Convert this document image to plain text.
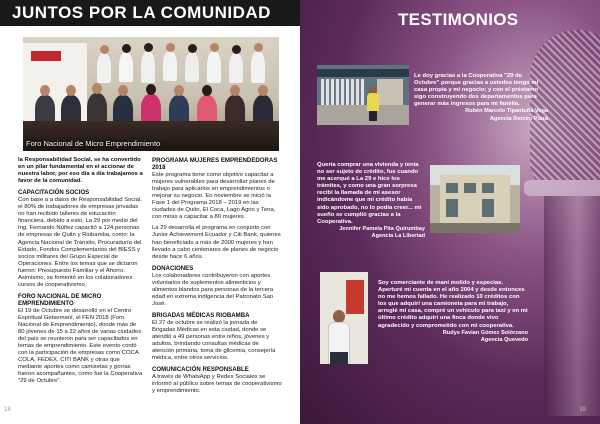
JUNTOS POR LA COMUNIDAD
Foro Nacional de Micro Emprendimiento

la Responsabilidad Social, se ha convertido en un pilar fundamental en el accionar de nuestra labor, por eso día a día trabajamos a favor de la comunidad.

CAPACITACIÓN SOCIOS

Con base a a datos de Responsabilidad Social, el 80% de trabajadores de empresas privadas no han recibido talleres de educación financiera, debido a esto, La 29 por medio del Ing. Fernando Núñez capacitó a 124 personas de empresas de Quito y Riobamba, como: la Agencia Nacional de Tránsito, Procuraduría del Estado, Fondos Complementarios del BIESS y socios militares del Grupo Especial de Operaciones. Entre los temas que se dictaron fueron: Presupuesto Familiar y el Ahorro. Asimismo, se fomentó en los colaboradores cursos de cooperativismo.

FORO NACIONAL DE MICRO EMPRENDIMIENTO

El 19 de Octubre se desarrolló en el Centro Espiritual Getsemaní, el FEN 2018 (Foro Nacional de Emprendimiento), donde más de 80 jóvenes de 15 a 22 años de varias ciudades del país se reunieron para ser capacitados en temas de emprendimiento. Este evento contó con la participación de empresas como COCA COLA, FEDEX, CITI BANK y otras que mediante aportes como camisetas y gorras fueron acompañantes, como fue la Cooperativa "29 de Octubre".

PROGRAMA MUJERES EMPRENDEDORAS 2018

Este programa tiene como objetivo capacitar a mujeres vulnerables para desarrollar planes de trabajo para aplicarlos en emprendimientos o mejorar su negocio. En noviembre se inició la Fase 1 del Programa 2018 – 2019 en las ciudades de Quito, El Coca, Lago Agrio y Tena, con miras a capacitar a 80 mujeres.

La 29 desarrolla el programa en conjunto con Junior Achievement Ecuador y Citi Bank, quienes han beneficiado a más de 2000 mujeres y han llevado a cabo centenares de planes de negocio desde hace 6 años.

DONACIONES

Los colaboradores contribuyeron con aportes voluntarios de suplementos alimenticios y alimentos blandos para personas de la tercera edad en extrema indigencia del Patronato San José.

BRIGADAS MÉDICAS RIOBAMBA

El 27 de octubre se realizó la jornada de Brigadas Médicas en esta ciudad, donde se atendió a 49 personas entre niños, jóvenes y adultos, brindando consultas médicas de atención primaria, toma de glicemia, consejería médica, entre otros servicios.

COMUNICACIÓN RESPONSABLE

A través de WhatsApp y Redes Sociales se informó al público sobre temas de cooperativismo y emprendimiento.

18
TESTIMONIOS

Le doy gracias a la Cooperativa "29 de Octubre" porque gracias a ustedes tengo mi casa propia y mi negocio; y con el préstamo sigo construyendo dos departamentos para generar más ingresos para mi familia.

Rubén Marcelo Tipantuña Vega

Agencia Recreo Plaza

Quería comprar una vivienda y tenía no ser sujeto de crédito, fue cuando me acerqué a La 29 e hice los trámites, y como una gran sorpresa recibí la llamada de mi asesor indicándome que mi crédito había sido aprobado, no lo podía creer... mi sueño se cumplió gracias a la Cooperativa.

Jennifer Pamela Pita Quirumbay

Agencia La Libertad

Soy comerciante de maní molido y especias. Aperturé mi cuenta en el año 2004 y desde entonces no me hemos fallado. He realizado 10 créditos con los que adquirí una camioneta para mi trabajo, arreglé mi casa, compré un vehículo para taxi y en mi último crédito adquirí una finca donde vivo agradecido y comprometido con mi cooperativa.

Rudys Favian Gómez Solórzano

Agencia Quevedo

19
